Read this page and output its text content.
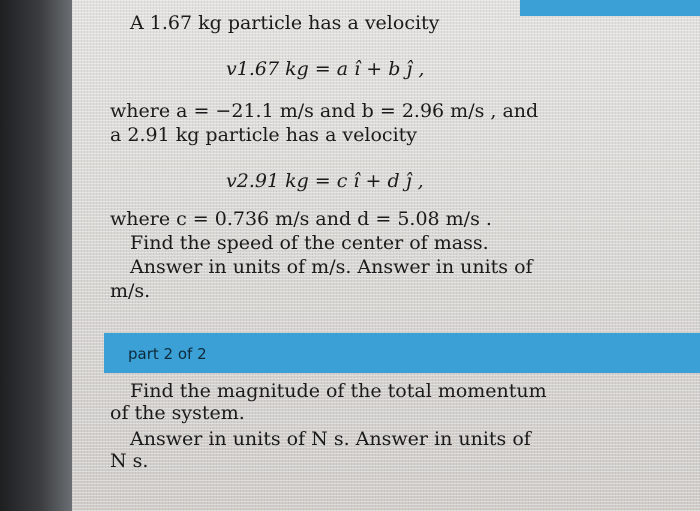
A 1.67 kg particle has a velocity
v1.67 kg = a î + b ĵ ,
where a = −21.1 m/s and b = 2.96 m/s , and
a 2.91 kg particle has a velocity
v2.91 kg = c î + d ĵ ,
where c = 0.736 m/s and d = 5.08 m/s .
Find the speed of the center of mass.
Answer in units of m/s. Answer in units of
m/s.
part 2 of 2
Find the magnitude of the total momentum
of the system.
Answer in units of N s. Answer in units of
N s.
